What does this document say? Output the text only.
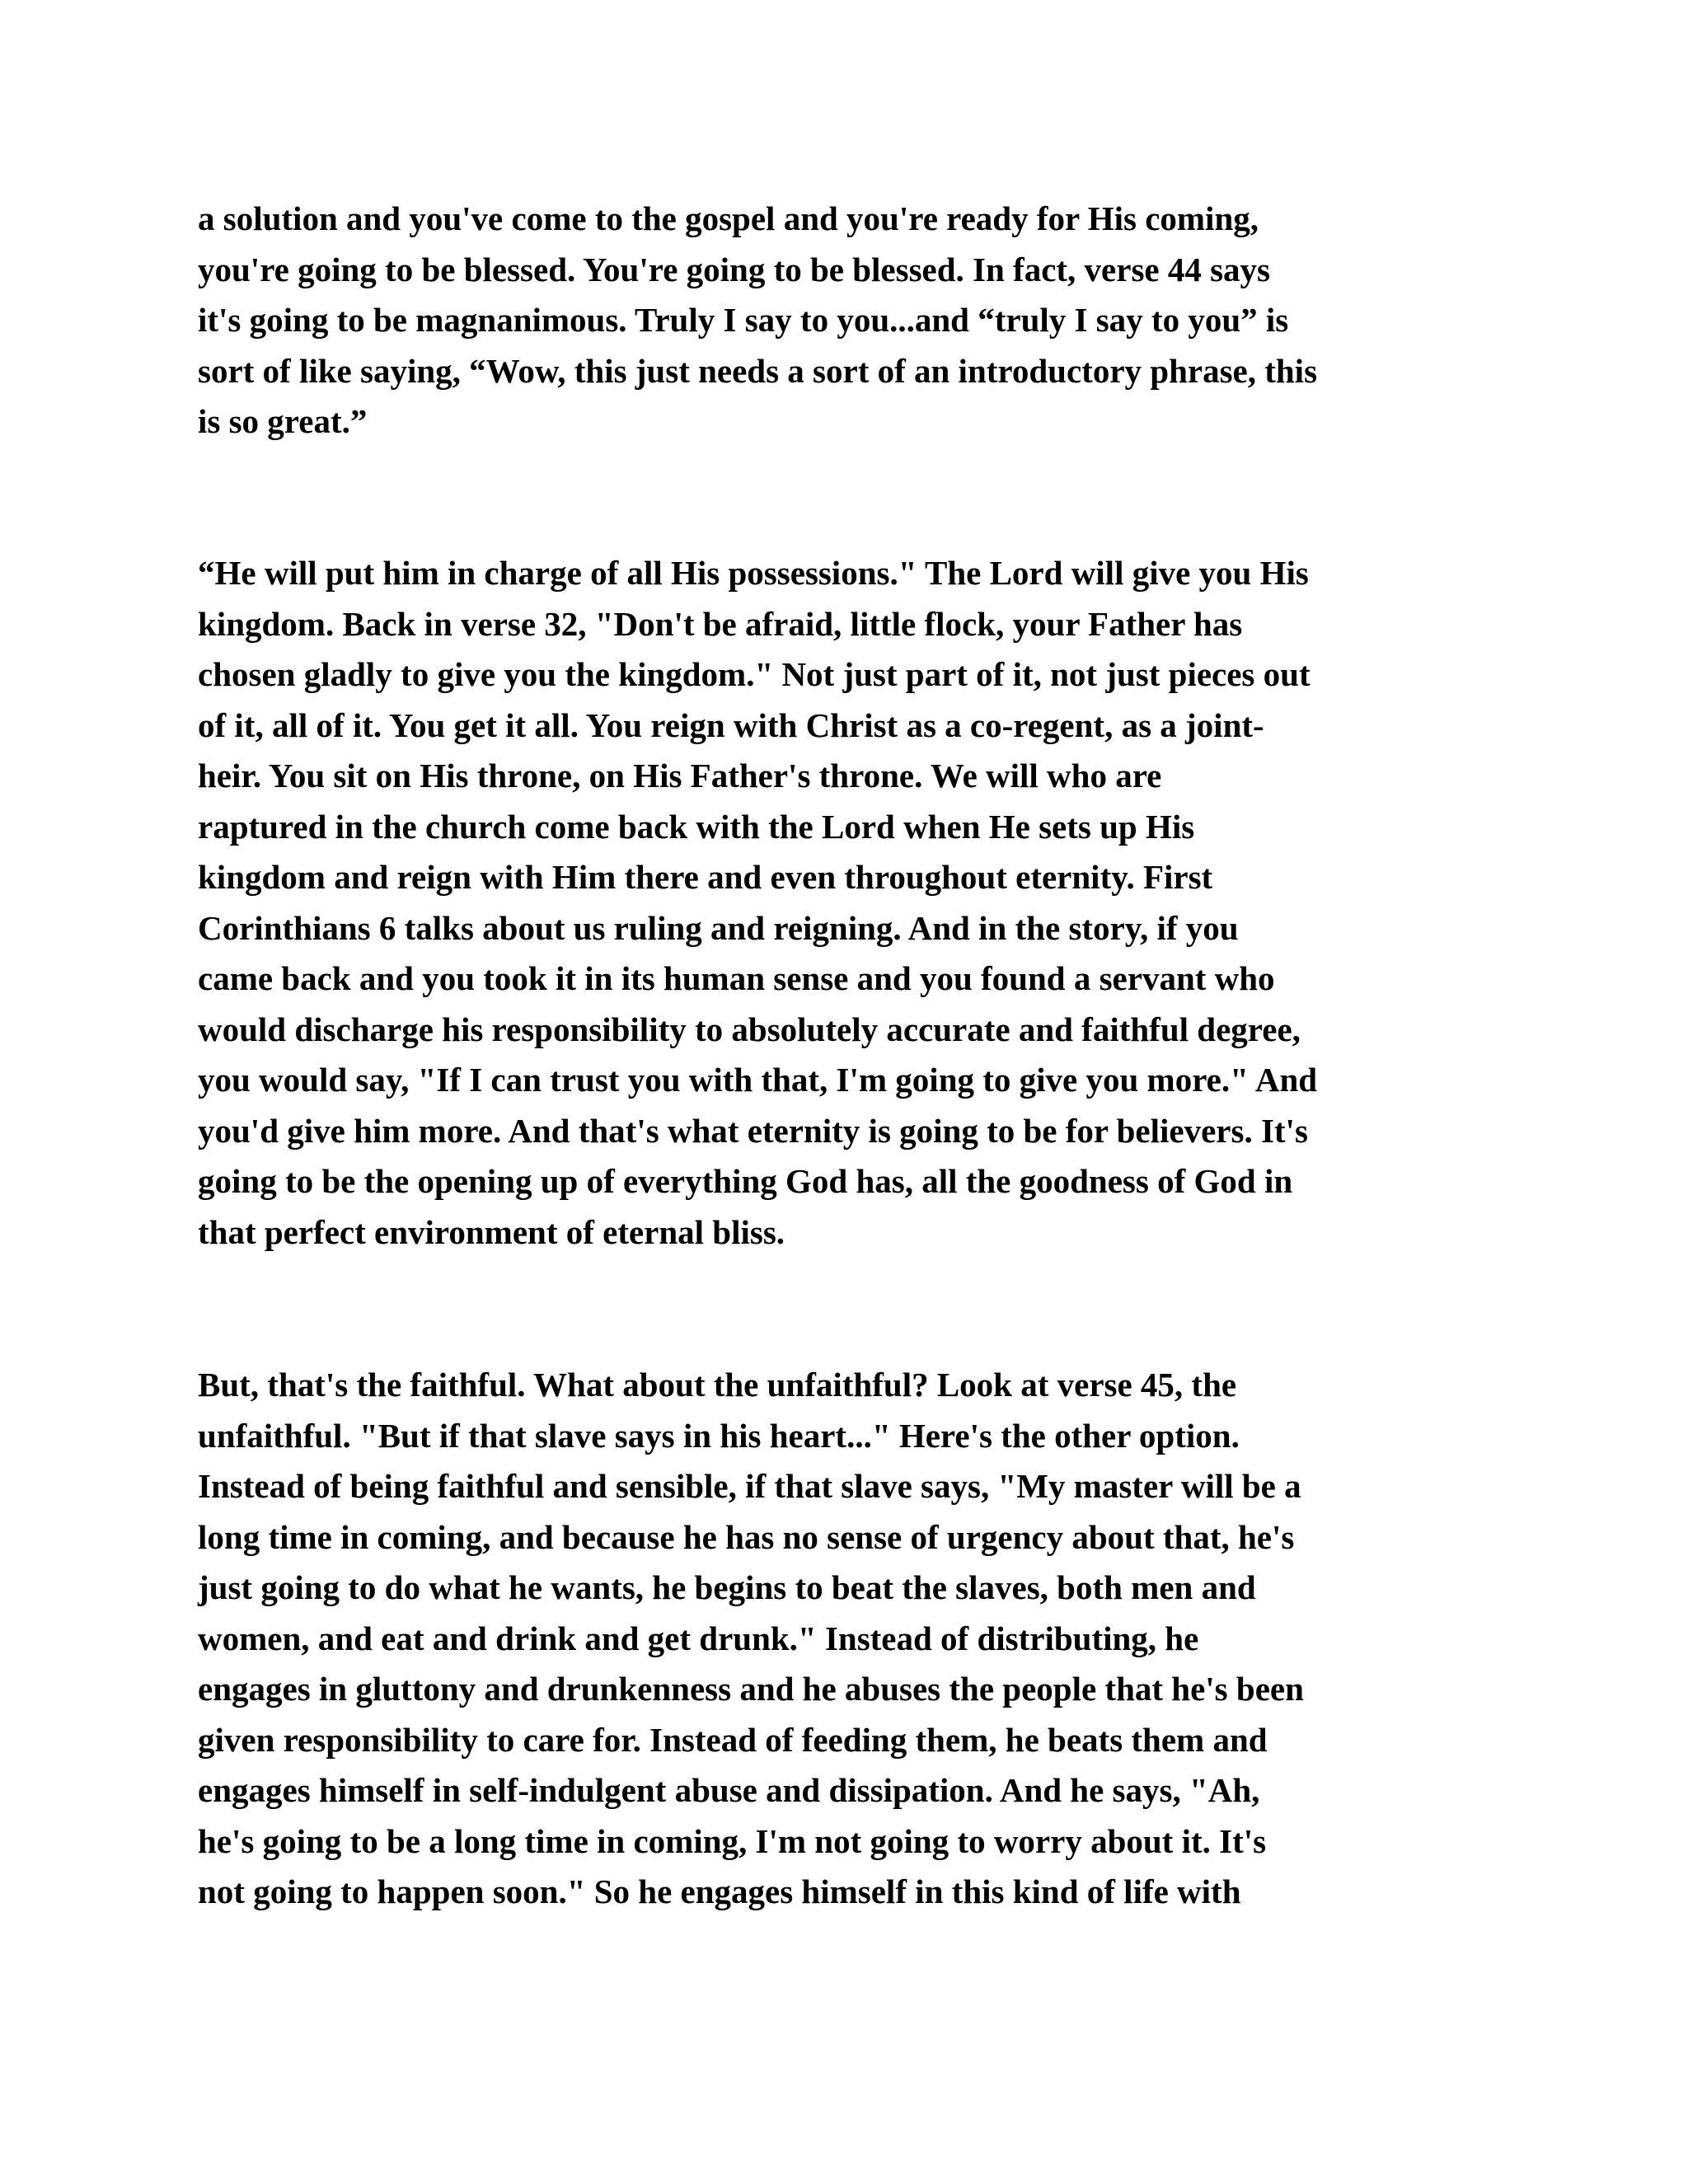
a solution and you've come to the gospel and you're ready for His coming,
you're going to be blessed. You're going to be blessed. In fact, verse 44 says
it's going to be magnanimous. Truly I say to you...and “truly I say to you” is
sort of like saying, “Wow, this just needs a sort of an introductory phrase, this
is so great.”
“He will put him in charge of all His possessions." The Lord will give you His
kingdom. Back in verse 32, "Don't be afraid, little flock, your Father has
chosen gladly to give you the kingdom." Not just part of it, not just pieces out
of it, all of it. You get it all. You reign with Christ as a co-regent, as a joint-
heir. You sit on His throne, on His Father's throne. We will who are
raptured in the church come back with the Lord when He sets up His
kingdom and reign with Him there and even throughout eternity. First
Corinthians 6 talks about us ruling and reigning. And in the story, if you
came back and you took it in its human sense and you found a servant who
would discharge his responsibility to absolutely accurate and faithful degree,
you would say, "If I can trust you with that, I'm going to give you more." And
you'd give him more. And that's what eternity is going to be for believers. It's
going to be the opening up of everything God has, all the goodness of God in
that perfect environment of eternal bliss.
But, that's the faithful. What about the unfaithful? Look at verse 45, the
unfaithful. "But if that slave says in his heart..." Here's the other option.
Instead of being faithful and sensible, if that slave says, "My master will be a
long time in coming, and because he has no sense of urgency about that, he's
just going to do what he wants, he begins to beat the slaves, both men and
women, and eat and drink and get drunk." Instead of distributing, he
engages in gluttony and drunkenness and he abuses the people that he's been
given responsibility to care for. Instead of feeding them, he beats them and
engages himself in self-indulgent abuse and dissipation. And he says, "Ah,
he's going to be a long time in coming, I'm not going to worry about it. It's
not going to happen soon." So he engages himself in this kind of life with
